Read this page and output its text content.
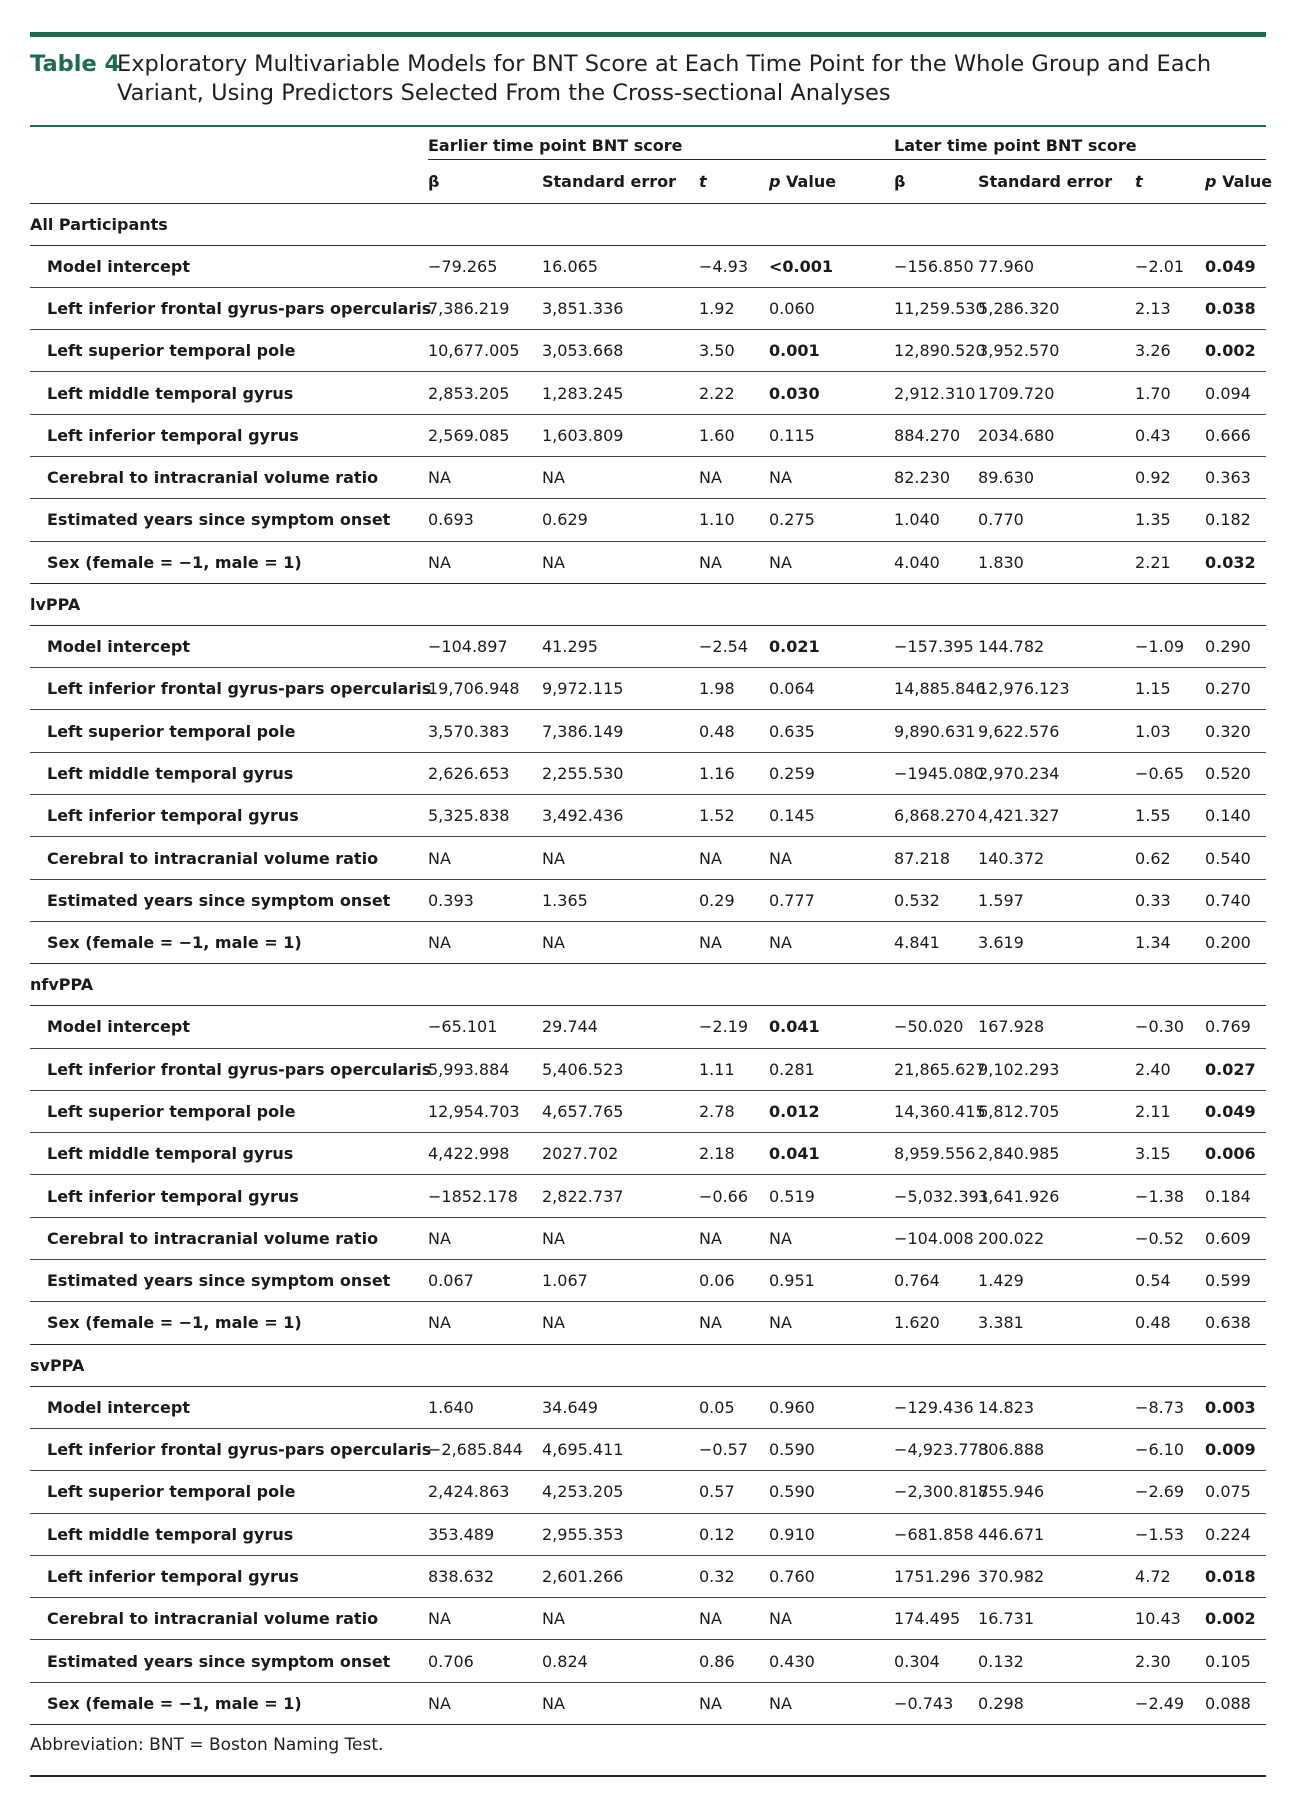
Table 4
Exploratory Multivariable Models for BNT Score at Each Time Point for the Whole Group and Each Variant, Using Predictors Selected From the Cross-sectional Analyses
	Earlier time point BNT score				Later time point BNT score			
	β	Standard error	t	p Value	β	Standard error	t	p Value
All Participants								
Model intercept	−79.265	16.065	−4.93	<0.001	−156.850	77.960	−2.01	0.049
Left inferior frontal gyrus-pars opercularis	7,386.219	3,851.336	1.92	0.060	11,259.530	5,286.320	2.13	0.038
Left superior temporal pole	10,677.005	3,053.668	3.50	0.001	12,890.520	3,952.570	3.26	0.002
Left middle temporal gyrus	2,853.205	1,283.245	2.22	0.030	2,912.310	1709.720	1.70	0.094
Left inferior temporal gyrus	2,569.085	1,603.809	1.60	0.115	884.270	2034.680	0.43	0.666
Cerebral to intracranial volume ratio	NA	NA	NA	NA	82.230	89.630	0.92	0.363
Estimated years since symptom onset	0.693	0.629	1.10	0.275	1.040	0.770	1.35	0.182
Sex (female = −1, male = 1)	NA	NA	NA	NA	4.040	1.830	2.21	0.032
lvPPA								
Model intercept	−104.897	41.295	−2.54	0.021	−157.395	144.782	−1.09	0.290
Left inferior frontal gyrus-pars opercularis	19,706.948	9,972.115	1.98	0.064	14,885.846	12,976.123	1.15	0.270
Left superior temporal pole	3,570.383	7,386.149	0.48	0.635	9,890.631	9,622.576	1.03	0.320
Left middle temporal gyrus	2,626.653	2,255.530	1.16	0.259	−1945.080	2,970.234	−0.65	0.520
Left inferior temporal gyrus	5,325.838	3,492.436	1.52	0.145	6,868.270	4,421.327	1.55	0.140
Cerebral to intracranial volume ratio	NA	NA	NA	NA	87.218	140.372	0.62	0.540
Estimated years since symptom onset	0.393	1.365	0.29	0.777	0.532	1.597	0.33	0.740
Sex (female = −1, male = 1)	NA	NA	NA	NA	4.841	3.619	1.34	0.200
nfvPPA								
Model intercept	−65.101	29.744	−2.19	0.041	−50.020	167.928	−0.30	0.769
Left inferior frontal gyrus-pars opercularis	5,993.884	5,406.523	1.11	0.281	21,865.627	9,102.293	2.40	0.027
Left superior temporal pole	12,954.703	4,657.765	2.78	0.012	14,360.415	6,812.705	2.11	0.049
Left middle temporal gyrus	4,422.998	2027.702	2.18	0.041	8,959.556	2,840.985	3.15	0.006
Left inferior temporal gyrus	−1852.178	2,822.737	−0.66	0.519	−5,032.391	3,641.926	−1.38	0.184
Cerebral to intracranial volume ratio	NA	NA	NA	NA	−104.008	200.022	−0.52	0.609
Estimated years since symptom onset	0.067	1.067	0.06	0.951	0.764	1.429	0.54	0.599
Sex (female = −1, male = 1)	NA	NA	NA	NA	1.620	3.381	0.48	0.638
svPPA								
Model intercept	1.640	34.649	0.05	0.960	−129.436	14.823	−8.73	0.003
Left inferior frontal gyrus-pars opercularis	−2,685.844	4,695.411	−0.57	0.590	−4,923.773	806.888	−6.10	0.009
Left superior temporal pole	2,424.863	4,253.205	0.57	0.590	−2,300.817	855.946	−2.69	0.075
Left middle temporal gyrus	353.489	2,955.353	0.12	0.910	−681.858	446.671	−1.53	0.224
Left inferior temporal gyrus	838.632	2,601.266	0.32	0.760	1751.296	370.982	4.72	0.018
Cerebral to intracranial volume ratio	NA	NA	NA	NA	174.495	16.731	10.43	0.002
Estimated years since symptom onset	0.706	0.824	0.86	0.430	0.304	0.132	2.30	0.105
Sex (female = −1, male = 1)	NA	NA	NA	NA	−0.743	0.298	−2.49	0.088
Abbreviation: BNT = Boston Naming Test.
